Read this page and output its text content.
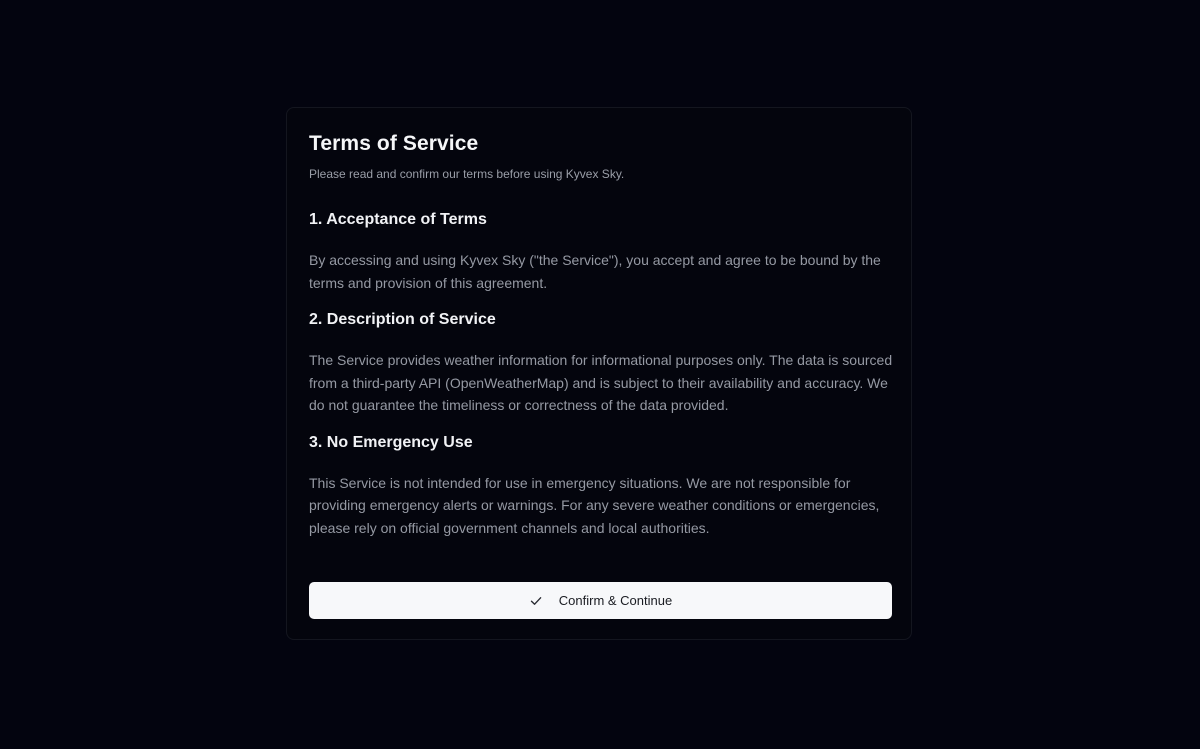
Terms of Service

Please read and confirm our terms before using Kyvex Sky.

1. Acceptance of Terms

By accessing and using Kyvex Sky ("the Service"), you accept and agree to be bound by the terms and provision of this agreement.

2. Description of Service

The Service provides weather information for informational purposes only. The data is sourced from a third-party API (OpenWeatherMap) and is subject to their availability and accuracy. We do not guarantee the timeliness or correctness of the data provided.

3. No Emergency Use

This Service is not intended for use in emergency situations. We are not responsible for providing emergency alerts or warnings. For any severe weather conditions or emergencies, please rely on official government channels and local authorities.

Confirm & Continue
